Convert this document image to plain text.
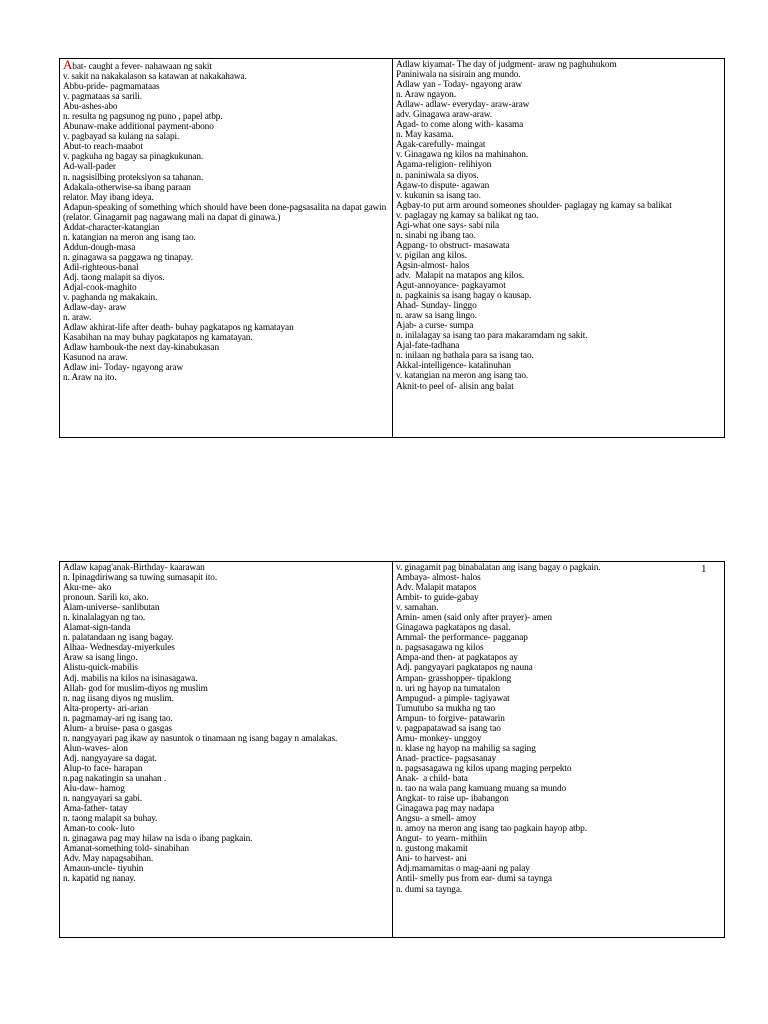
Abat- caught a fever- nahawaan ng sakit
v. sakit na nakakalason sa katawan at nakakahawa.
Abbu-pride- pagmamataas
v. pagmataas sa sarili.
Abu-ashes-abo
n. resulta ng pagsunog ng puno , papel atbp.
Abunaw-make additional payment-abono
v. pagbayad sa kulang na salapi.
Abut-to reach-maabot
v. pagkuha ng bagay sa pinagkukunan.
Ad-wall-pader
n. nagsisilbing proteksiyon sa tahanan.
Adakala-otherwise-sa ibang paraan
relator. May ibang ideya.
Adapun-speaking of something which should have been done-pagsasalita na dapat gawin (relator. Ginagamit pag nagawang mali na dapat di ginawa.)
Addat-character-katangian
n. katangian na meron ang isang tao.
Addun-dough-masa
n. ginagawa sa paggawa ng tinapay.
Adil-righteous-banal
Adj. taong malapit sa diyos.
Adjal-cook-maghito
v. paghanda ng makakain.
Adlaw-day- araw
n. araw.
Adlaw akhirat-life after death- buhay pagkatapos ng kamatayan
Kasabihan na may buhay pagkatapos ng kamatayan.
Adlaw hambouk-the next day-kinabukasan
Kasunod na araw.
Adlaw ini- Today- ngayong araw
n. Araw na ito.
Adlaw kiyamat- The day of judgment- araw ng paghuhukom
Paniniwala na sisirain ang mundo.
Adlaw yan - Today- ngayong araw
n. Araw ngayon.
Adlaw- adlaw- everyday- araw-araw
adv. Ginagawa araw-araw.
Agad- to come along with- kasama
n. May kasama.
Agak-carefully- maingat
v. Ginagawa ng kilos na mahinahon.
Agama-religion- relihiyon
n. paniniwala sa diyos.
Agaw-to dispute- agawan
v. kukunin sa isang tao.
Agbay-to put arm around someones shoulder- paglagay ng kamay sa balikat
v. paglagay ng kamay sa balikat ng tao.
Agi-what one says- sabi nila
n. sinabi ng ibang tao.
Agpang- to obstruct- masawata
v. pigilan ang kilos.
Agsin-almost- halos
adv.  Malapit na matapos ang kilos.
Agut-annoyance- pagkayamot
n. pagkainis sa isang bagay o kausap.
Ahad- Sunday- linggo
n. araw sa isang lingo.
Ajab- a curse- sumpa
n. inilalagay sa isang tao para makaramdam ng sakit.
Ajal-fate-tadhana
n. inilaan ng bathala para sa isang tao.
Akkal-intelligence- katalinuhan
v. katangian na meron ang isang tao.
Aknit-to peel of- alisin ang balat
Adlaw kapag'anak-Birthday- kaarawan
n. Ipinagdiriwang sa tuwing sumasapit ito.
Aku-me- ako
pronoun. Sarili ko, ako.
Alam-universe- sanlibutan
n. kinalalagyan ng tao.
Alamat-sign-tanda
n. palatandaan ng isang bagay.
Alhaa- Wednesday-miyerkules
Araw sa isang lingo.
Alistu-quick-mabilis
Adj. mabilis na kilos na isinasagawa.
Allah- god for muslim-diyos ng muslim
n. nag iisang diyos ng muslim.
Alta-property- ari-arian
n. pagmamay-ari ng isang tao.
Alum- a bruise- pasa o gasgas
n. nangyayari pag ikaw ay nasuntok o tinamaan ng isang bagay n amalakas.
Alun-waves- alon
Adj. nangyayare sa dagat.
Alup-to face- harapan
n.pag nakatingin sa unahan .
Alu-daw- hamog
n. nangyayari sa gabi.
Ama-father- tatay
n. taong malapit sa buhay.
Aman-to cook- luto
n. ginagawa pag may hilaw na isda o ibang pagkain.
Amanat-something told- sinabihan
Adv. May napagsabihan.
Amaun-uncle- tiyuhin
n. kapatid ng nanay.
v. ginagamit pag binabalatan ang isang bagay o pagkain.
Ambaya- almost- halos
Adv. Malapit matapos
Ambit- to guide-gabay
v. samahan.
Amin- amen (said only after prayer)- amen
Ginagawa pagkatapos ng dasal.
Ammal- the performance- pagganap
n. pagsasagawa ng kilos
Ampa-and then- at pagkatapos ay
Adj. pangyayari pagkatapos ng nauna
Ampan- grasshopper- tipaklong
n. uri ng hayop na tumatalon
Ampugud- a pimple- tagiyawat
Tumutubo sa mukha ng tao
Ampun- to forgive- patawarin
v. pagpapatawad sa isang tao
Amu- monkey- unggoy
n. klase ng hayop na mahilig sa saging
Anad- practice- pagsasanay
n. pagsasagawa ng kilos upang maging perpekto
Anak-  a child- bata
n. tao na wala pang kamuang muang sa mundo
Angkat- to raise up- ibabangon
Ginagawa pag may nadapa
Angsu- a smell- amoy
n. amoy na meron ang isang tao pagkain hayop atbp.
Angut-  to yearn- mithiin
n. gustong makamit
Ani- to harvest- ani
Adj.mamamitas o mag-aani ng palay
Antil- smelly pus from ear- dumi sa taynga
n. dumi sa taynga.
1
